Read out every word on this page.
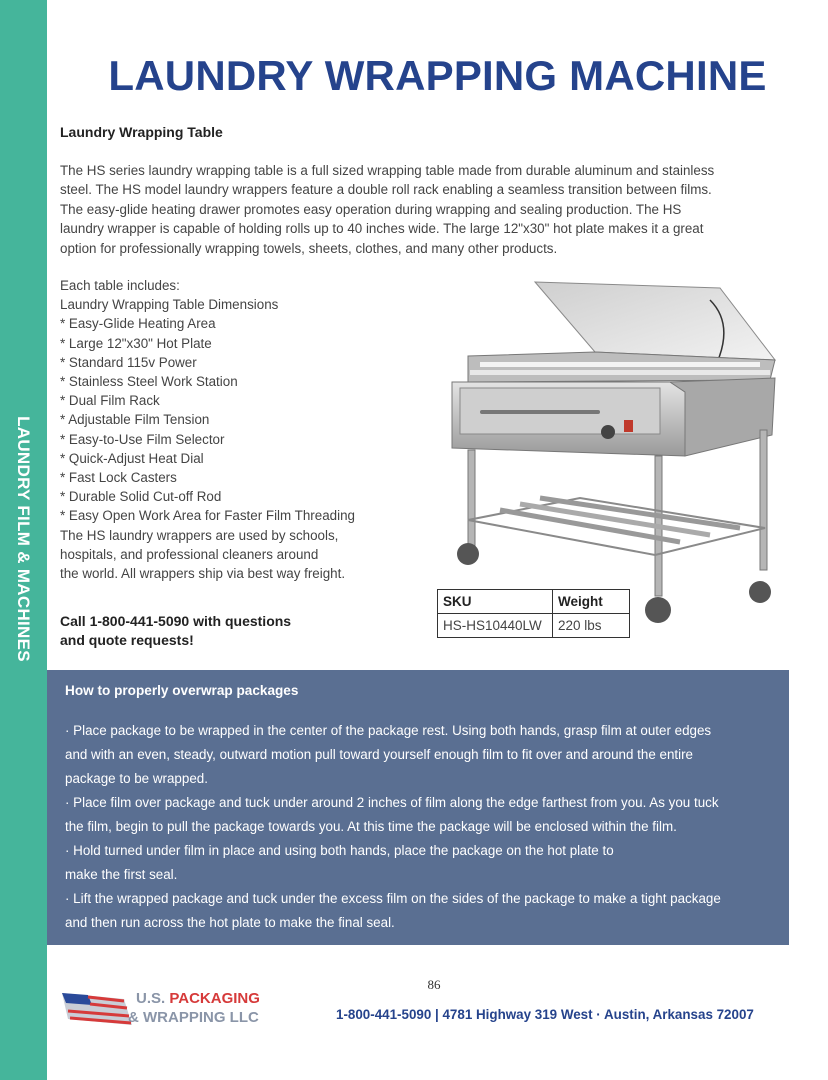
LAUNDRY FILM & MACHINES
LAUNDRY WRAPPING MACHINE
Laundry Wrapping Table
The HS series laundry wrapping table is a full sized wrapping table made from durable aluminum and stainless
steel. The HS model laundry wrappers feature a double roll rack enabling a seamless transition between films.
The easy-glide heating drawer promotes easy operation during wrapping and sealing production. The HS
laundry wrapper is capable of holding rolls up to 40 inches wide. The large 12"x30" hot plate makes it a great
option for professionally wrapping towels, sheets, clothes, and many other products.
Each table includes:
Laundry Wrapping Table Dimensions
* Easy-Glide Heating Area
* Large 12"x30" Hot Plate
* Standard 115v Power
* Stainless Steel Work Station
* Dual Film Rack
* Adjustable Film Tension
* Easy-to-Use Film Selector
* Quick-Adjust Heat Dial
* Fast Lock Casters
* Durable Solid Cut-off Rod
* Easy Open Work Area for Faster Film Threading
The HS laundry wrappers are used by schools,
hospitals, and professional cleaners around
the world. All wrappers ship via best way freight.
Call 1-800-441-5090 with questions
and quote requests!
SKU	Weight
HS-HS10440LW	220 lbs
How to properly overwrap packages

· Place package to be wrapped in the center of the package rest. Using both hands, grasp film at outer edges

and with an even, steady, outward motion pull toward yourself enough film to fit over and around the entire

package to be wrapped.

· Place film over package and tuck under around 2 inches of film along the edge farthest from you. As you tuck

the film, begin to pull the package towards you. At this time the package will be enclosed within the film.

· Hold turned under film in place and using both hands, place the package on the hot plate to

make the first seal.

· Lift the wrapped package and tuck under the excess film on the sides of the package to make a tight package

and then run across the hot plate to make the final seal.

86
U.S. PACKAGING
& WRAPPING LLC	1-800-441-5090 | 4781 Highway 319 West · Austin, Arkansas 72007
